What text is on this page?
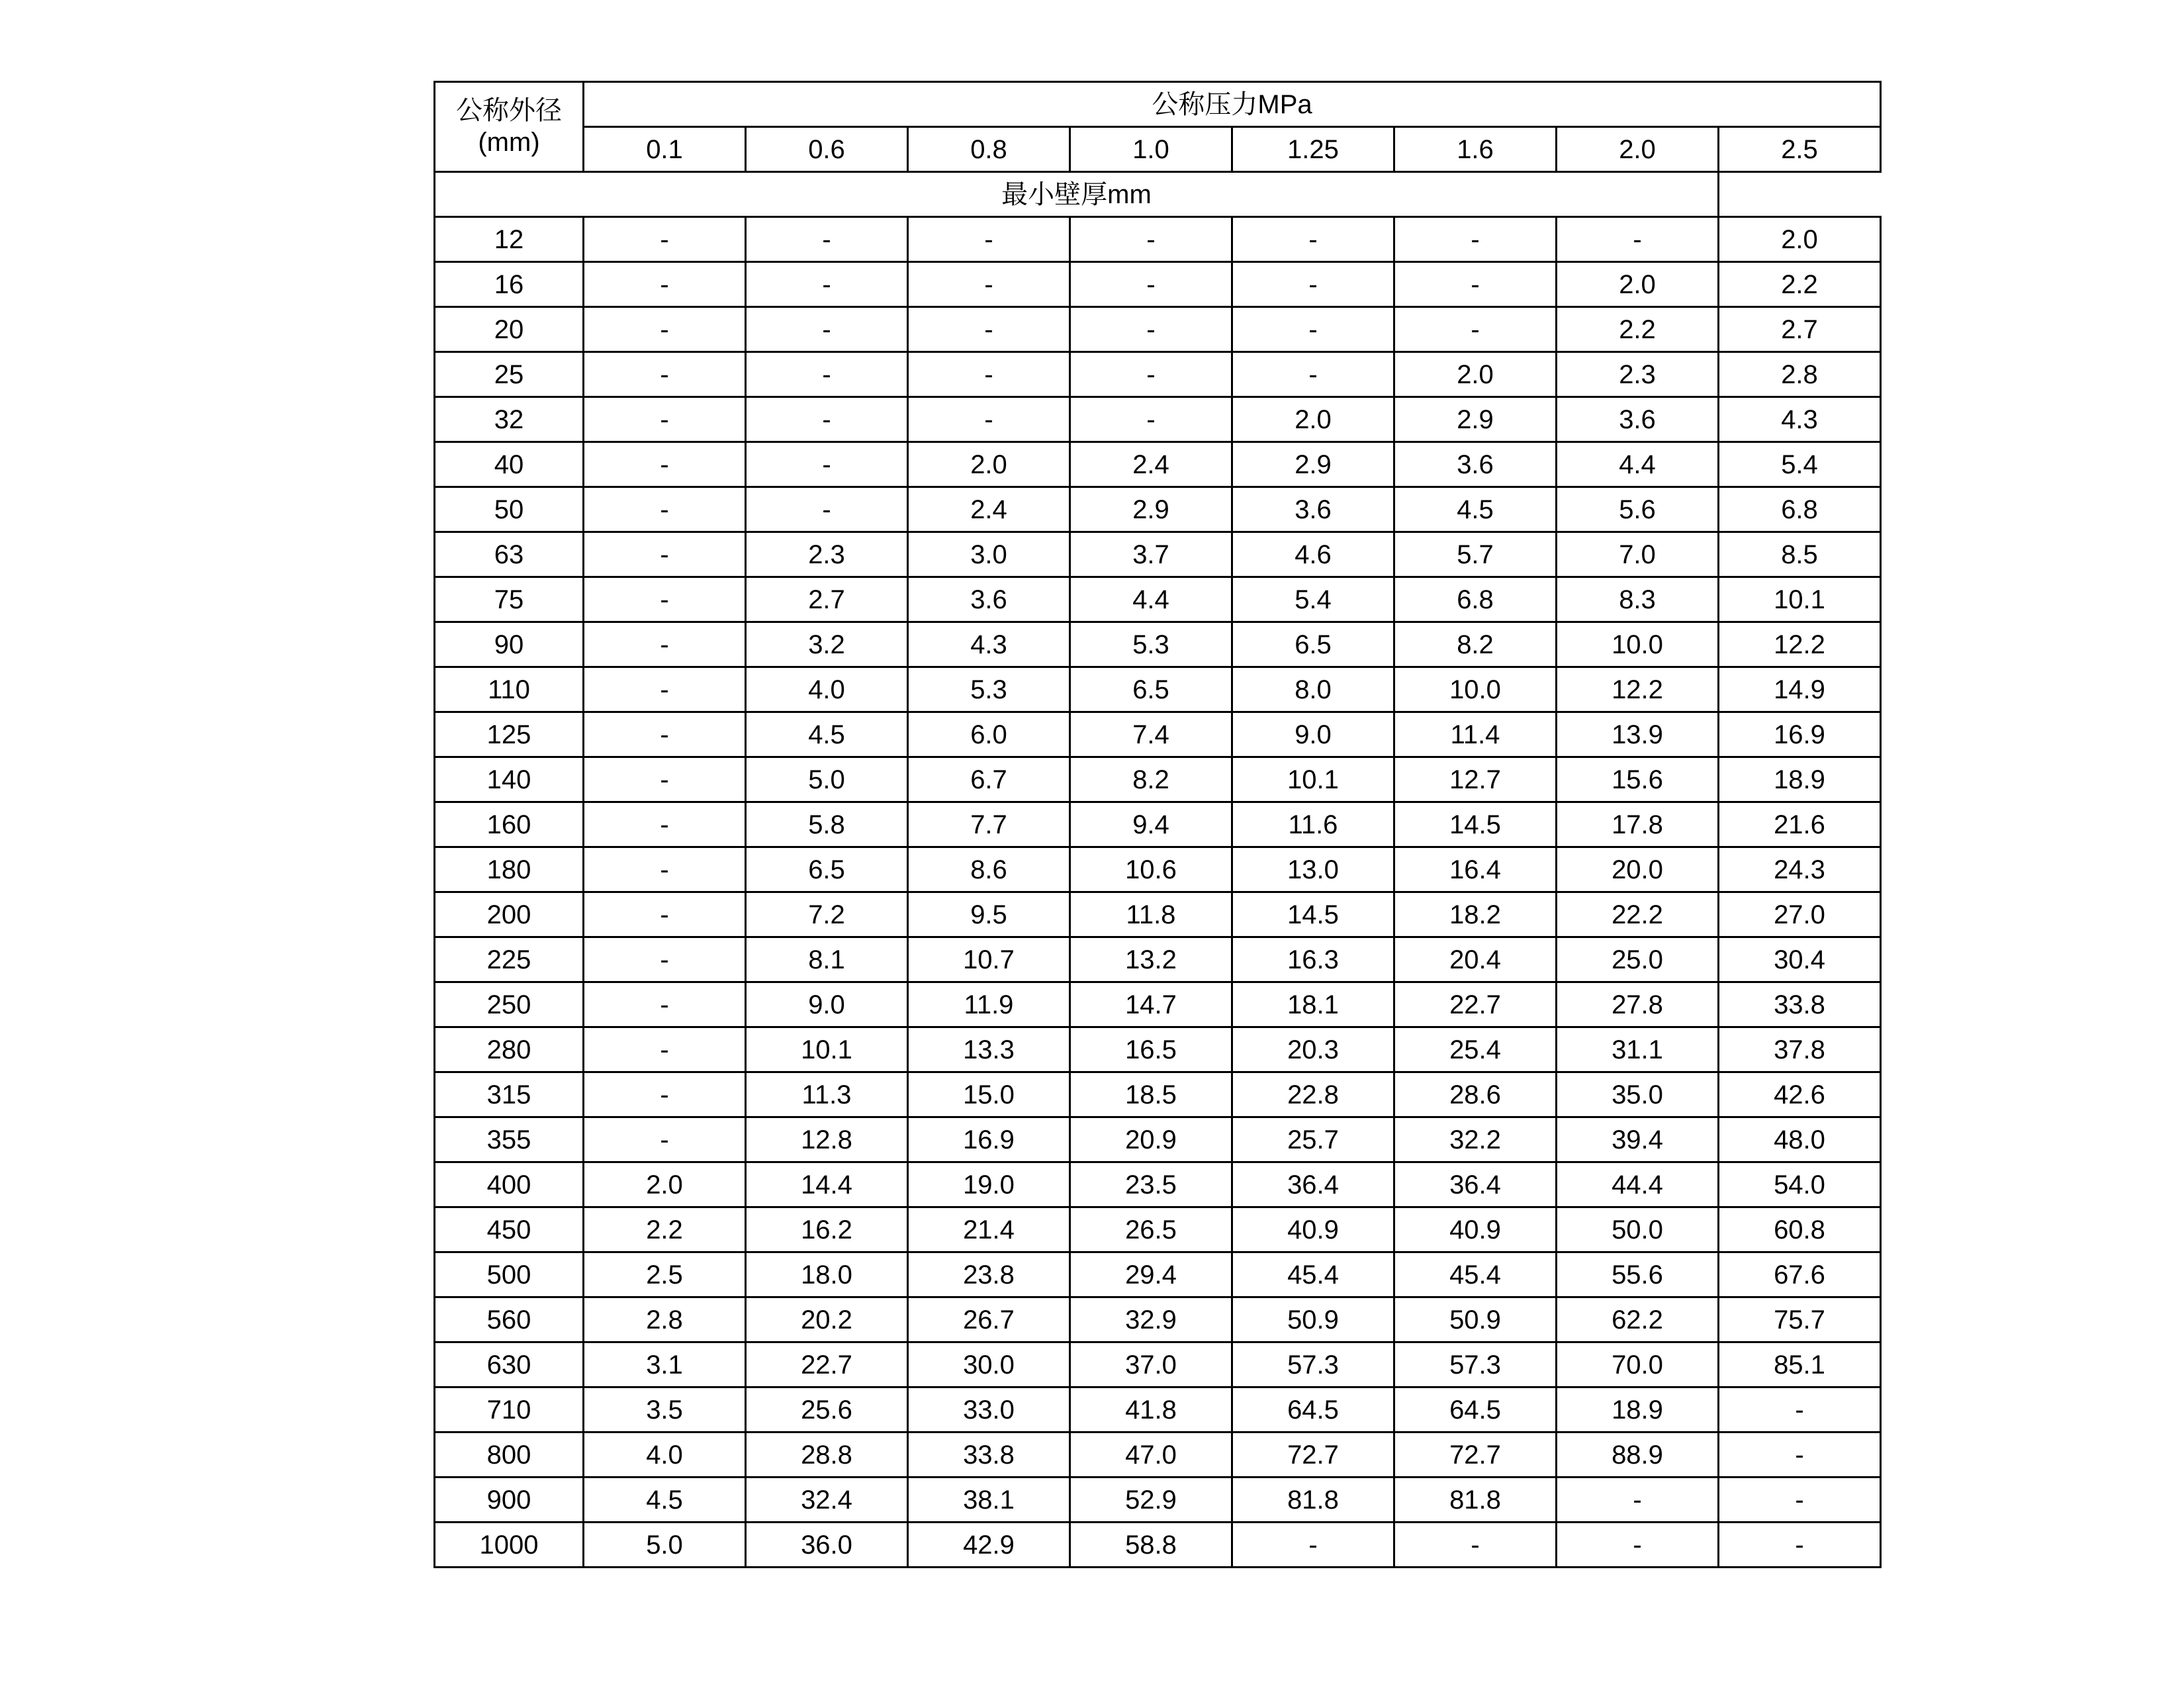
公称外径
(mm)	公称压力MPa							
	0.1	0.6	0.8	1.0	1.25	1.6	2.0	2.5
最小壁厚mm								
12	-	-	-	-	-	-	-	2.0
16	-	-	-	-	-	-	2.0	2.2
20	-	-	-	-	-	-	2.2	2.7
25	-	-	-	-	-	2.0	2.3	2.8
32	-	-	-	-	2.0	2.9	3.6	4.3
40	-	-	2.0	2.4	2.9	3.6	4.4	5.4
50	-	-	2.4	2.9	3.6	4.5	5.6	6.8
63	-	2.3	3.0	3.7	4.6	5.7	7.0	8.5
75	-	2.7	3.6	4.4	5.4	6.8	8.3	10.1
90	-	3.2	4.3	5.3	6.5	8.2	10.0	12.2
110	-	4.0	5.3	6.5	8.0	10.0	12.2	14.9
125	-	4.5	6.0	7.4	9.0	11.4	13.9	16.9
140	-	5.0	6.7	8.2	10.1	12.7	15.6	18.9
160	-	5.8	7.7	9.4	11.6	14.5	17.8	21.6
180	-	6.5	8.6	10.6	13.0	16.4	20.0	24.3
200	-	7.2	9.5	11.8	14.5	18.2	22.2	27.0
225	-	8.1	10.7	13.2	16.3	20.4	25.0	30.4
250	-	9.0	11.9	14.7	18.1	22.7	27.8	33.8
280	-	10.1	13.3	16.5	20.3	25.4	31.1	37.8
315	-	11.3	15.0	18.5	22.8	28.6	35.0	42.6
355	-	12.8	16.9	20.9	25.7	32.2	39.4	48.0
400	2.0	14.4	19.0	23.5	36.4	36.4	44.4	54.0
450	2.2	16.2	21.4	26.5	40.9	40.9	50.0	60.8
500	2.5	18.0	23.8	29.4	45.4	45.4	55.6	67.6
560	2.8	20.2	26.7	32.9	50.9	50.9	62.2	75.7
630	3.1	22.7	30.0	37.0	57.3	57.3	70.0	85.1
710	3.5	25.6	33.0	41.8	64.5	64.5	18.9	-
800	4.0	28.8	33.8	47.0	72.7	72.7	88.9	-
900	4.5	32.4	38.1	52.9	81.8	81.8	-	-
1000	5.0	36.0	42.9	58.8	-	-	-	-
